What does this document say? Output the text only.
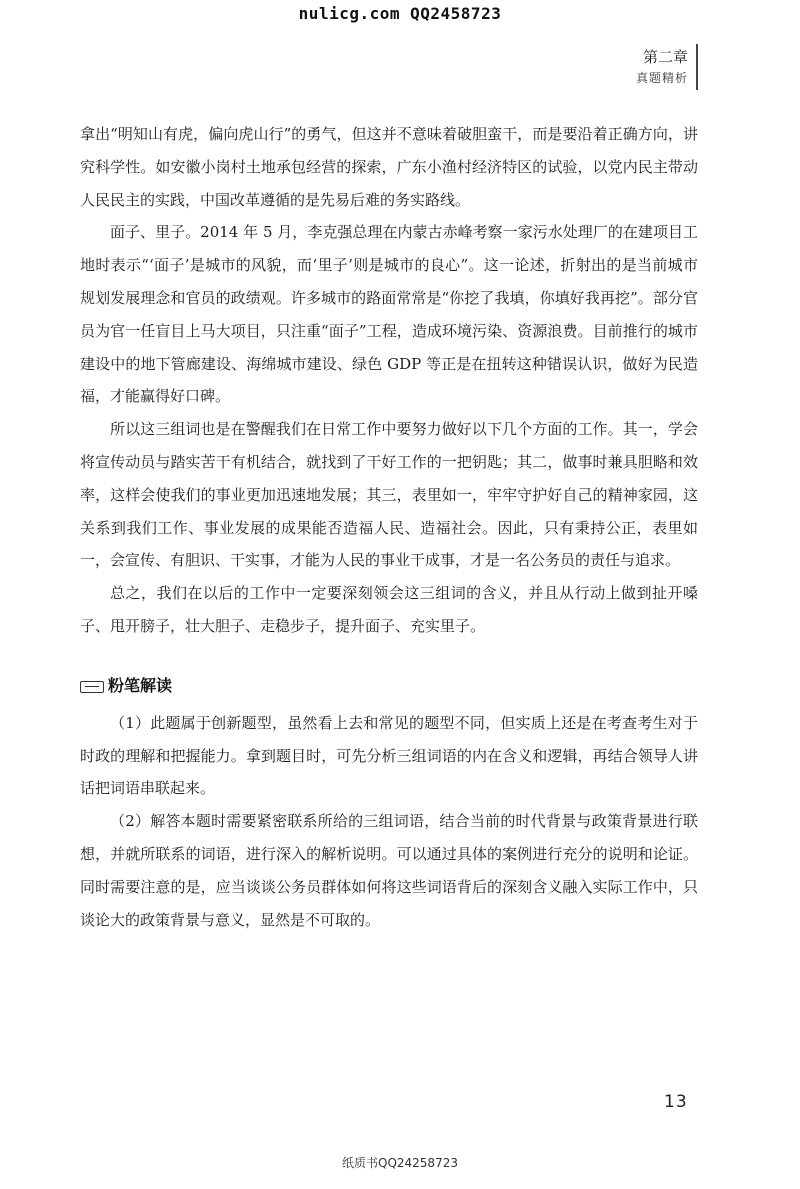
nulicg.com QQ2458723
第二章
真题精析

拿出“明知山有虎，偏向虎山行”的勇气，但这并不意味着破胆蛮干，而是要沿着正确方向，讲究科学性。如安徽小岗村土地承包经营的探索，广东小渔村经济特区的试验，以党内民主带动人民民主的实践，中国改革遵循的是先易后难的务实路线。

面子、里子。2014 年 5 月，李克强总理在内蒙古赤峰考察一家污水处理厂的在建项目工地时表示“‘面子’是城市的风貌，而‘里子’则是城市的良心”。这一论述，折射出的是当前城市规划发展理念和官员的政绩观。许多城市的路面常常是“你挖了我填，你填好我再挖”。部分官员为官一任盲目上马大项目，只注重“面子”工程，造成环境污染、资源浪费。目前推行的城市建设中的地下管廊建设、海绵城市建设、绿色 GDP 等正是在扭转这种错误认识，做好为民造福，才能赢得好口碑。

所以这三组词也是在警醒我们在日常工作中要努力做好以下几个方面的工作。其一，学会将宣传动员与踏实苦干有机结合，就找到了干好工作的一把钥匙；其二，做事时兼具胆略和效率，这样会使我们的事业更加迅速地发展；其三，表里如一，牢牢守护好自己的精神家园，这关系到我们工作、事业发展的成果能否造福人民、造福社会。因此，只有秉持公正，表里如一，会宣传、有胆识、干实事，才能为人民的事业干成事，才是一名公务员的责任与追求。

总之，我们在以后的工作中一定要深刻领会这三组词的含义，并且从行动上做到扯开嗓子、甩开膀子，壮大胆子、走稳步子，提升面子、充实里子。

粉笔解读

（1）此题属于创新题型，虽然看上去和常见的题型不同，但实质上还是在考查考生对于时政的理解和把握能力。拿到题目时，可先分析三组词语的内在含义和逻辑，再结合领导人讲话把词语串联起来。

（2）解答本题时需要紧密联系所给的三组词语，结合当前的时代背景与政策背景进行联想，并就所联系的词语，进行深入的解析说明。可以通过具体的案例进行充分的说明和论证。同时需要注意的是，应当谈谈公务员群体如何将这些词语背后的深刻含义融入实际工作中，只谈论大的政策背景与意义，显然是不可取的。

13
纸质书QQ24258723
